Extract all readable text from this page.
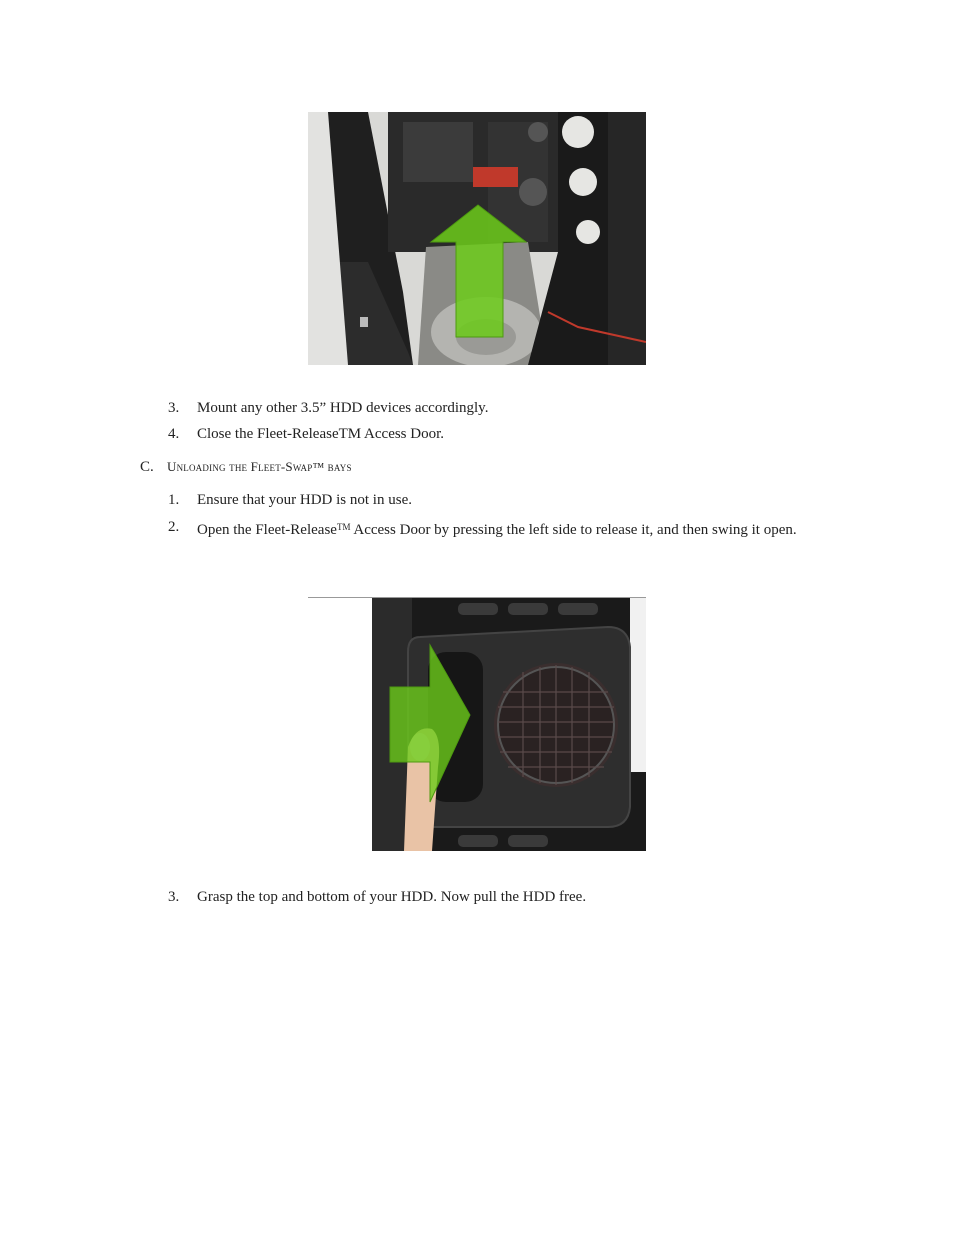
3. Mount any other 3.5” HDD devices accordingly.
4. Close the Fleet-ReleaseTM Access Door.
C. Unloading the Fleet-Swap™ bays
1. Ensure that your HDD is not in use.
2. Open the Fleet-Release™ Access Door by pressing the left side to release it, and then swing it open.
3. Grasp the top and bottom of your HDD. Now pull the HDD free.
